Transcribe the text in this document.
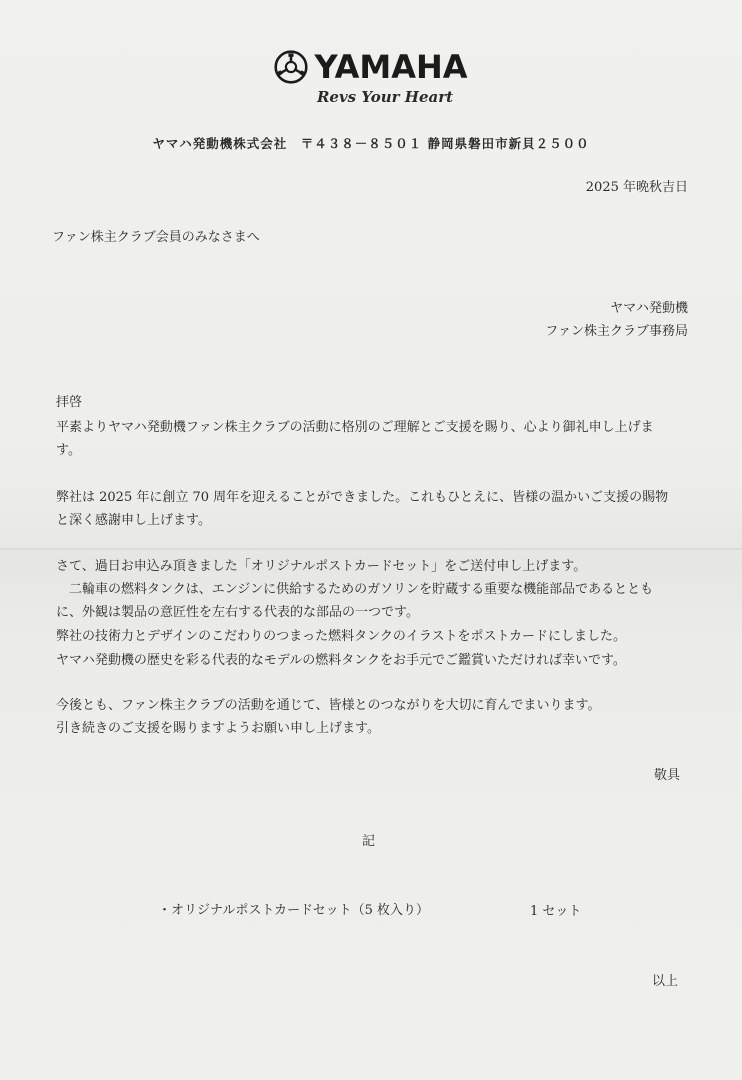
YAMAHA
Revs Your Heart
ヤマハ発動機株式会社　〒４３８－８５０１ 静岡県磐田市新貝２５００
2025 年晩秋吉日
ファン株主クラブ会員のみなさまへ
ヤマハ発動機
ファン株主クラブ事務局
拝啓
平素よりヤマハ発動機ファン株主クラブの活動に格別のご理解とご支援を賜り、心より御礼申し上げま
す。
弊社は 2025 年に創立 70 周年を迎えることができました。これもひとえに、皆様の温かいご支援の賜物
と深く感謝申し上げます。
さて、過日お申込み頂きました「オリジナルポストカードセット」をご送付申し上げます。
　二輪車の燃料タンクは、エンジンに供給するためのガソリンを貯蔵する重要な機能部品であるととも
に、外観は製品の意匠性を左右する代表的な部品の一つです。
弊社の技術力とデザインのこだわりのつまった燃料タンクのイラストをポストカードにしました。
ヤマハ発動機の歴史を彩る代表的なモデルの燃料タンクをお手元でご鑑賞いただければ幸いです。
今後とも、ファン株主クラブの活動を通じて、皆様とのつながりを大切に育んでまいります。
引き続きのご支援を賜りますようお願い申し上げます。
敬具
記
・オリジナルポストカードセット（5 枚入り）	1 セット
以上
